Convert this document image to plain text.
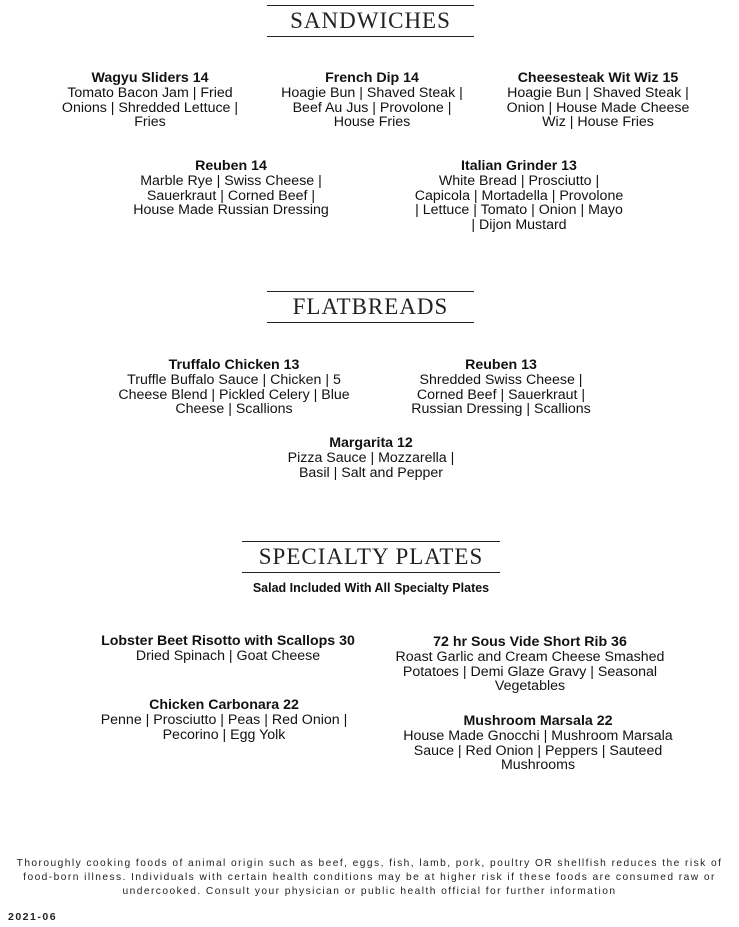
SANDWICHES
Wagyu Sliders 14
Tomato Bacon Jam | Fried Onions | Shredded Lettuce | Fries
French Dip 14
Hoagie Bun | Shaved Steak | Beef Au Jus | Provolone | House Fries
Cheesesteak Wit Wiz 15
Hoagie Bun | Shaved Steak | Onion | House Made Cheese Wiz | House Fries
Reuben 14
Marble Rye | Swiss Cheese | Sauerkraut | Corned Beef | House Made Russian Dressing
Italian Grinder 13
White Bread | Prosciutto | Capicola | Mortadella | Provolone | Lettuce | Tomato | Onion | Mayo | Dijon Mustard
FLATBREADS
Truffalo Chicken 13
Truffle Buffalo Sauce | Chicken | 5 Cheese Blend | Pickled Celery | Blue Cheese | Scallions
Reuben 13
Shredded Swiss Cheese | Corned Beef | Sauerkraut | Russian Dressing | Scallions
Margarita 12
Pizza Sauce | Mozzarella | Basil | Salt and Pepper
SPECIALTY PLATES
Salad Included With All Specialty Plates
Lobster Beet Risotto with Scallops 30
Dried Spinach | Goat Cheese
72 hr Sous Vide Short Rib 36
Roast Garlic and Cream Cheese Smashed Potatoes | Demi Glaze Gravy | Seasonal Vegetables
Chicken Carbonara 22
Penne | Prosciutto | Peas | Red Onion | Pecorino | Egg Yolk
Mushroom Marsala 22
House Made Gnocchi | Mushroom Marsala Sauce | Red Onion | Peppers | Sauteed Mushrooms
Thoroughly cooking foods of animal origin such as beef, eggs, fish, lamb, pork, poultry OR shellfish reduces the risk of food-born illness. Individuals with certain health conditions may be at higher risk if these foods are consumed raw or undercooked. Consult your physician or public health official for further information
2021-06
